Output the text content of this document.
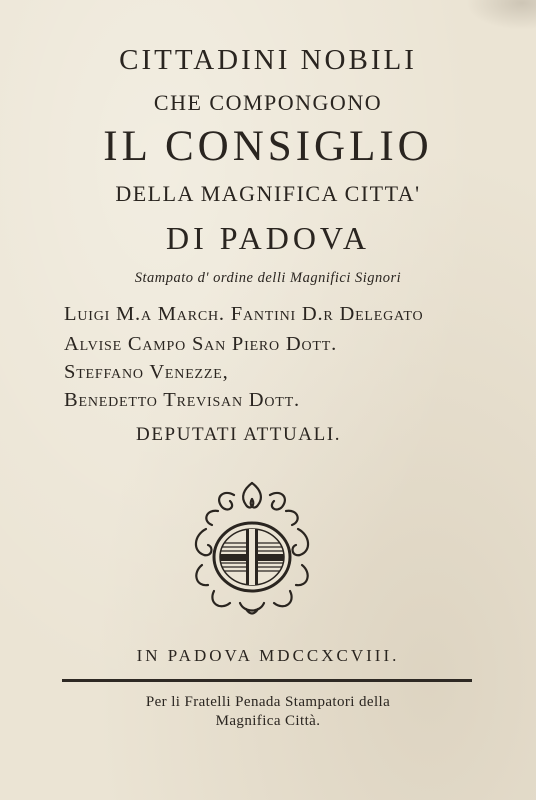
CITTADINI NOBILI
CHE COMPONGONO
IL CONSIGLIO
DELLA MAGNIFICA CITTA'
DI PADOVA
Stampato d' ordine delli Magnifici Signori
Luigi M.a March. Fantini D.r Delegato
Alvise Campo San Piero Dott.
Steffano Venezze,
Benedetto Trevisan Dott.
DEPUTATI ATTUALI.
IN PADOVA MDCCXCVIII.
Per li Fratelli Penada Stampatori della
Magnifica Città.
